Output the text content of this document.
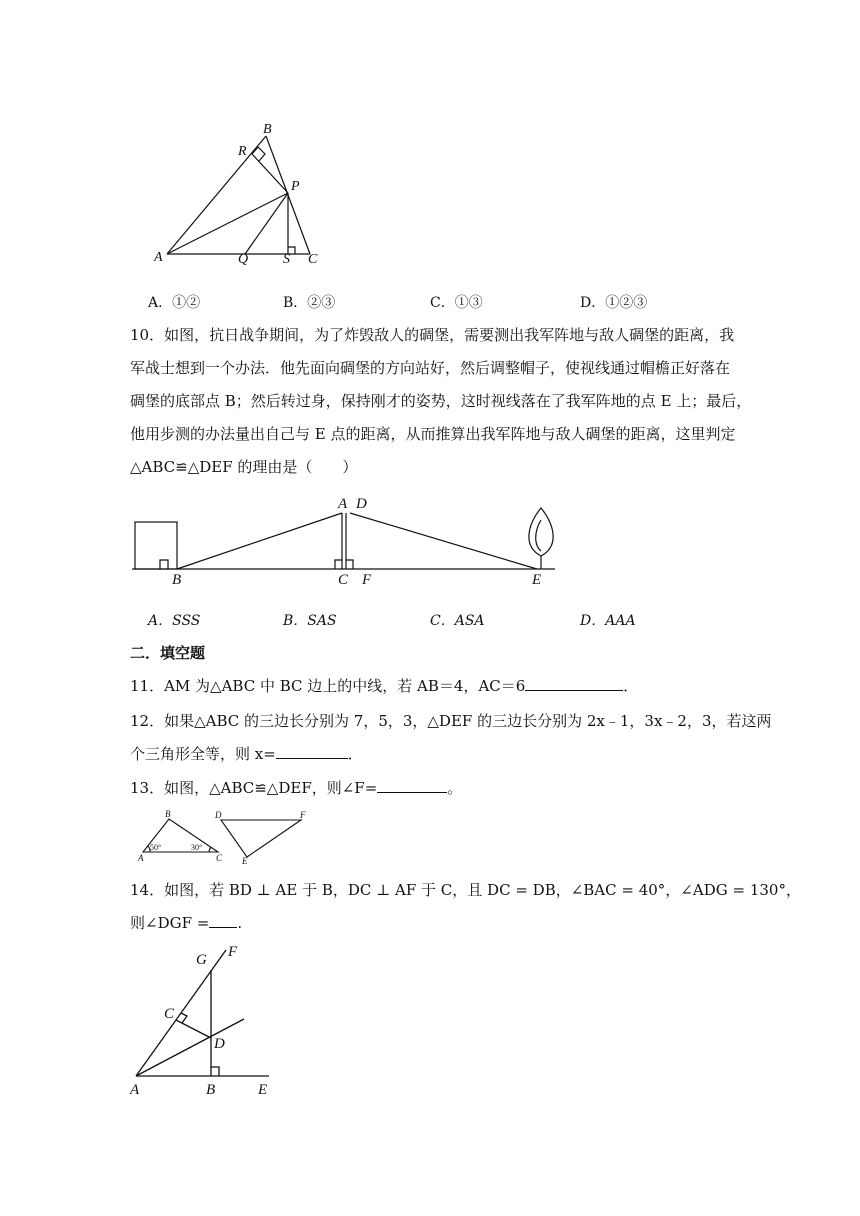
B
R
P
A	Q S C
A．①②	B．②③	C．①③	D．①②③
10．如图，抗日战争期间，为了炸毁敌人的碉堡，需要测出我军阵地与敌人碉堡的距离，我
军战士想到一个办法．他先面向碉堡的方向站好，然后调整帽子，使视线通过帽檐正好落在
碉堡的底部点 B；然后转过身，保持刚才的姿势，这时视线落在了我军阵地的点 E 上；最后，
他用步测的办法量出自己与 E 点的距离，从而推算出我军阵地与敌人碉堡的距离，这里判定
△ABC≌△DEF 的理由是（　　）
A D
B	C F	E
A．SSS	B．SAS	C．ASA	D．AAA
二．填空题
11．AM 为△ABC 中 BC 边上的中线，若 AB＝4，AC＝6	．
12．如果△ABC 的三边长分别为 7，5，3，△DEF 的三边长分别为 2x﹣1，3x﹣2，3，若这两
个三角形全等，则 x=	．
13．如图，△ABC≌△DEF，则∠F=	。
B	D	F
A	C E
50°	30°
14．如图，若 BD ⊥ AE 于 B，DC ⊥ AF 于 C，且 DC = DB，∠BAC = 40°，∠ADG = 130°，
则∠DGF = .
G F
C
D
A	B	E
